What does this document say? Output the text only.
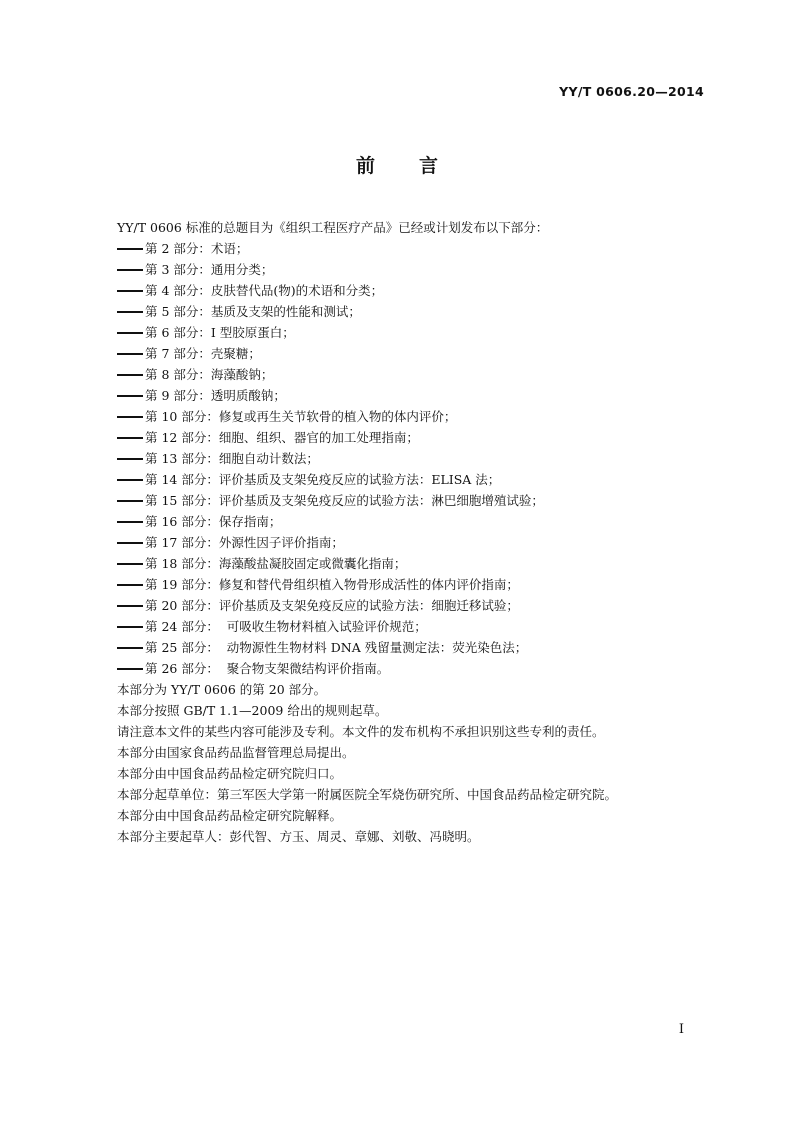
YY/T 0606.20—2014
前 言
YY/T 0606 标准的总题目为《组织工程医疗产品》已经或计划发布以下部分：
第 2 部分：术语；
第 3 部分：通用分类；
第 4 部分：皮肤替代品(物)的术语和分类；
第 5 部分：基质及支架的性能和测试；
第 6 部分：I 型胶原蛋白；
第 7 部分：壳聚糖；
第 8 部分：海藻酸钠；
第 9 部分：透明质酸钠；
第 10 部分：修复或再生关节软骨的植入物的体内评价；
第 12 部分：细胞、组织、器官的加工处理指南；
第 13 部分：细胞自动计数法；
第 14 部分：评价基质及支架免疫反应的试验方法：ELISA 法；
第 15 部分：评价基质及支架免疫反应的试验方法：淋巴细胞增殖试验；
第 16 部分：保存指南；
第 17 部分：外源性因子评价指南；
第 18 部分：海藻酸盐凝胶固定或微囊化指南；
第 19 部分：修复和替代骨组织植入物骨形成活性的体内评价指南；
第 20 部分：评价基质及支架免疫反应的试验方法：细胞迁移试验；
第 24 部分：  可吸收生物材料植入试验评价规范；
第 25 部分：  动物源性生物材料 DNA 残留量测定法：荧光染色法；
第 26 部分：  聚合物支架微结构评价指南。
本部分为 YY/T 0606 的第 20 部分。
本部分按照 GB/T 1.1—2009 给出的规则起草。
请注意本文件的某些内容可能涉及专利。本文件的发布机构不承担识别这些专利的责任。
本部分由国家食品药品监督管理总局提出。
本部分由中国食品药品检定研究院归口。
本部分起草单位：第三军医大学第一附属医院全军烧伤研究所、中国食品药品检定研究院。
本部分由中国食品药品检定研究院解释。
本部分主要起草人：彭代智、方玉、周灵、章娜、刘敬、冯晓明。
I
